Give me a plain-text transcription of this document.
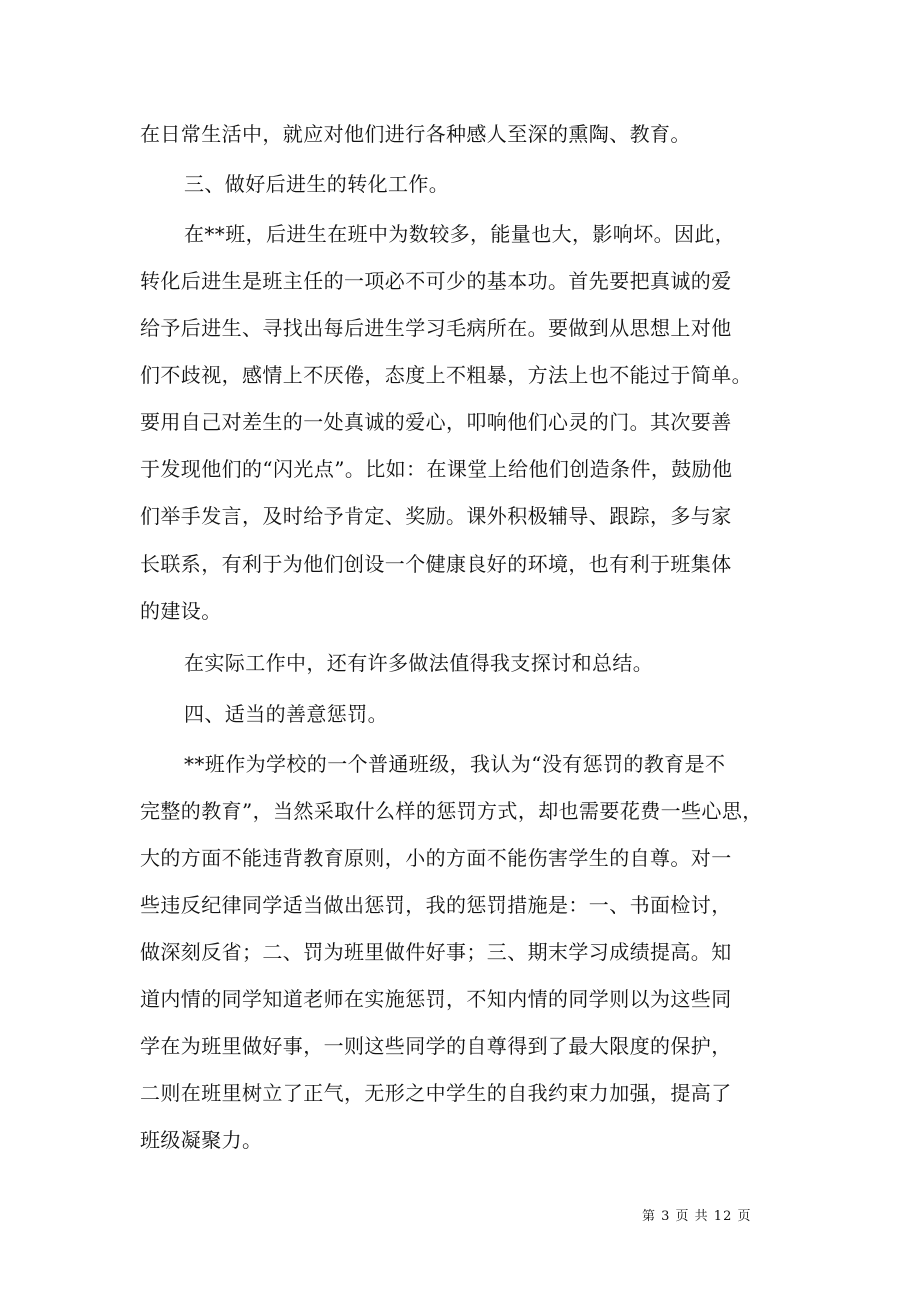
在日常生活中，就应对他们进行各种感人至深的熏陶、教育。

三、做好后进生的转化工作。

在**班，后进生在班中为数较多，能量也大，影响坏。因此，

转化后进生是班主任的一项必不可少的基本功。首先要把真诚的爱

给予后进生、寻找出每后进生学习毛病所在。要做到从思想上对他

们不歧视，感情上不厌倦，态度上不粗暴，方法上也不能过于简单。

要用自己对差生的一处真诚的爱心，叩响他们心灵的门。其次要善

于发现他们的“闪光点”。比如：在课堂上给他们创造条件，鼓励他

们举手发言，及时给予肯定、奖励。课外积极辅导、跟踪，多与家

长联系，有利于为他们创设一个健康良好的环境，也有利于班集体

的建设。

在实际工作中，还有许多做法值得我支探讨和总结。

四、适当的善意惩罚。

**班作为学校的一个普通班级，我认为“没有惩罚的教育是不

完整的教育”，当然采取什么样的惩罚方式，却也需要花费一些心思，

大的方面不能违背教育原则，小的方面不能伤害学生的自尊。对一

些违反纪律同学适当做出惩罚，我的惩罚措施是：一、书面检讨，

做深刻反省；二、罚为班里做件好事；三、期末学习成绩提高。知

道内情的同学知道老师在实施惩罚，不知内情的同学则以为这些同

学在为班里做好事，一则这些同学的自尊得到了最大限度的保护，

二则在班里树立了正气，无形之中学生的自我约束力加强，提高了

班级凝聚力。

第 3 页 共 12 页
